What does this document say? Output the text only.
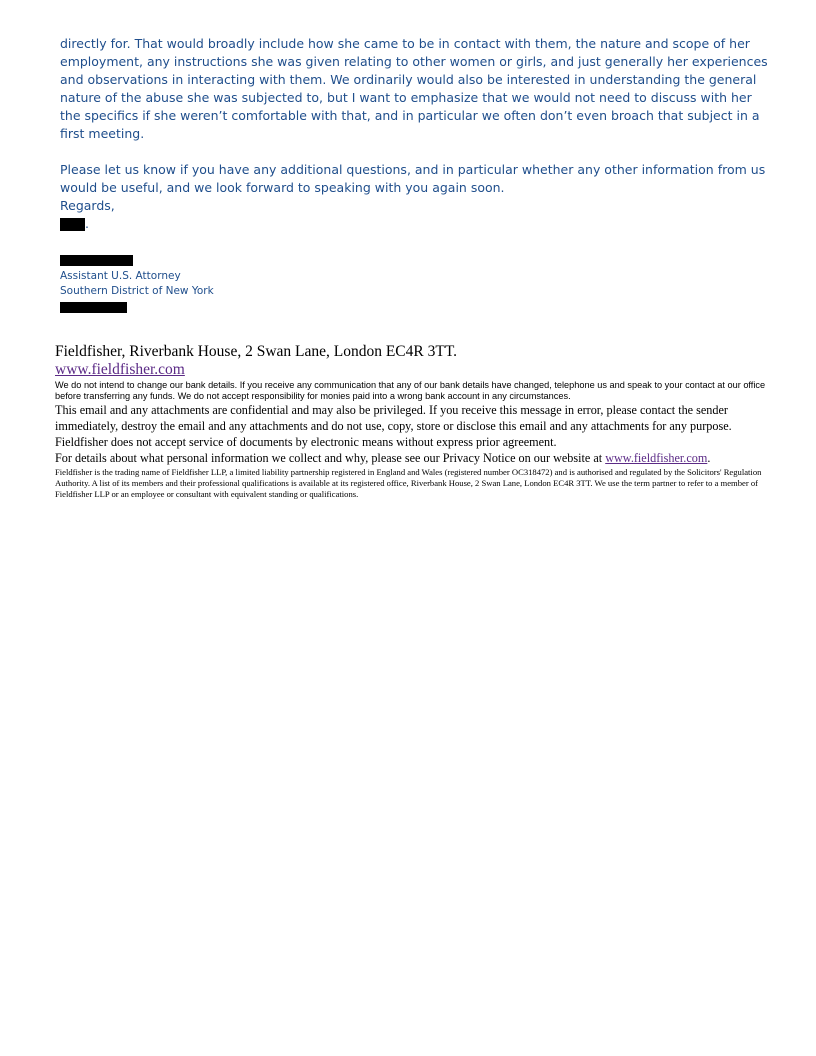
directly for. That would broadly include how she came to be in contact with them, the nature and scope of her employment, any instructions she was given relating to other women or girls, and just generally her experiences and observations in interacting with them. We ordinarily would also be interested in understanding the general nature of the abuse she was subjected to, but I want to emphasize that we would not need to discuss with her the specifics if she weren’t comfortable with that, and in particular we often don’t even broach that subject in a first meeting.

Please let us know if you have any additional questions, and in particular whether any other information from us would be useful, and we look forward to speaking with you again soon.

Regards,

.
Assistant U.S. Attorney
Southern District of New York
Fieldfisher, Riverbank House, 2 Swan Lane, London EC4R 3TT.
www.fieldfisher.com
We do not intend to change our bank details. If you receive any communication that any of our bank details have changed, telephone us and speak to your contact at our office before transferring any funds. We do not accept responsibility for monies paid into a wrong bank account in any circumstances.
This email and any attachments are confidential and may also be privileged. If you receive this message in error, please contact the sender immediately, destroy the email and any attachments and do not use, copy, store or disclose this email and any attachments for any purpose. Fieldfisher does not accept service of documents by electronic means without express prior agreement.
For details about what personal information we collect and why, please see our Privacy Notice on our website at www.fieldfisher.com.
Fieldfisher is the trading name of Fieldfisher LLP, a limited liability partnership registered in England and Wales (registered number OC318472) and is authorised and regulated by the Solicitors' Regulation Authority. A list of its members and their professional qualifications is available at its registered office, Riverbank House, 2 Swan Lane, London EC4R 3TT. We use the term partner to refer to a member of Fieldfisher LLP or an employee or consultant with equivalent standing or qualifications.
